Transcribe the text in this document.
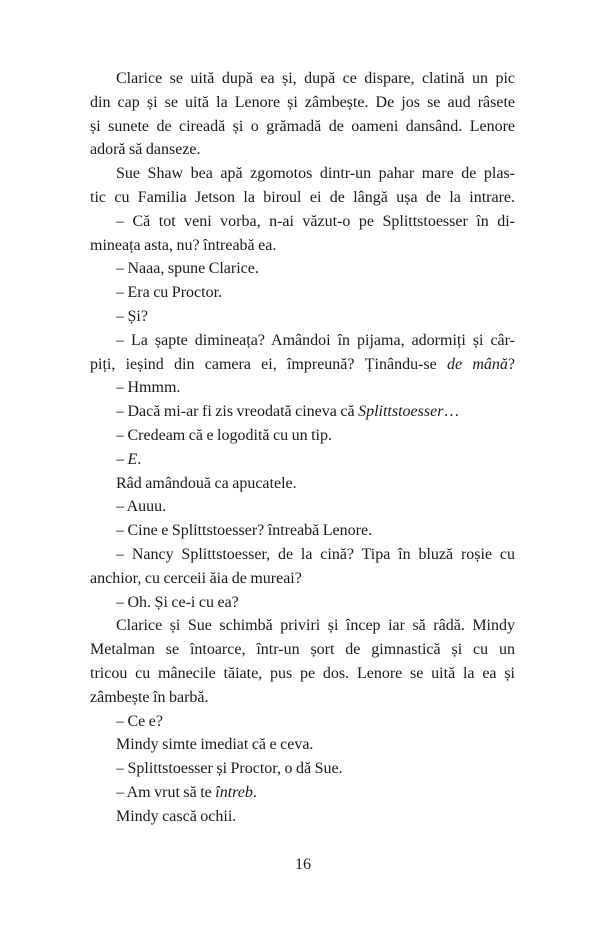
Clarice se uită după ea și, după ce dispare, clatină un pic
din cap și se uită la Lenore și zâmbește. De jos se aud râsete
și sunete de cireadă și o grămadă de oameni dansând. Lenore
adoră să danseze.
Sue Shaw bea apă zgomotos dintr-un pahar mare de plas-
tic cu Familia Jetson la biroul ei de lângă ușa de la intrare.
– Că tot veni vorba, n-ai văzut-o pe Splittstoesser în di-
mineața asta, nu? întreabă ea.
– Naaa, spune Clarice.
– Era cu Proctor.
– Și?
– La șapte dimineața? Amândoi în pijama, adormiți și câr-
piți, ieșind din camera ei, împreună? Ținându-se de mână?
– Hmmm.
– Dacă mi-ar fi zis vreodată cineva că Splittstoesser…
– Credeam că e logodită cu un tip.
– E.
Râd amândouă ca apucatele.
– Auuu.
– Cine e Splittstoesser? întreabă Lenore.
– Nancy Splittstoesser, de la cină? Tipa în bluză roșie cu
anchior, cu cerceii ăia de mureai?
– Oh. Și ce-i cu ea?
Clarice și Sue schimbă priviri și încep iar să râdă. Mindy
Metalman se întoarce, într-un șort de gimnastică și cu un
tricou cu mânecile tăiate, pus pe dos. Lenore se uită la ea și
zâmbește în barbă.
– Ce e?
Mindy simte imediat că e ceva.
– Splittstoesser și Proctor, o dă Sue.
– Am vrut să te întreb.
Mindy cască ochii.
16
